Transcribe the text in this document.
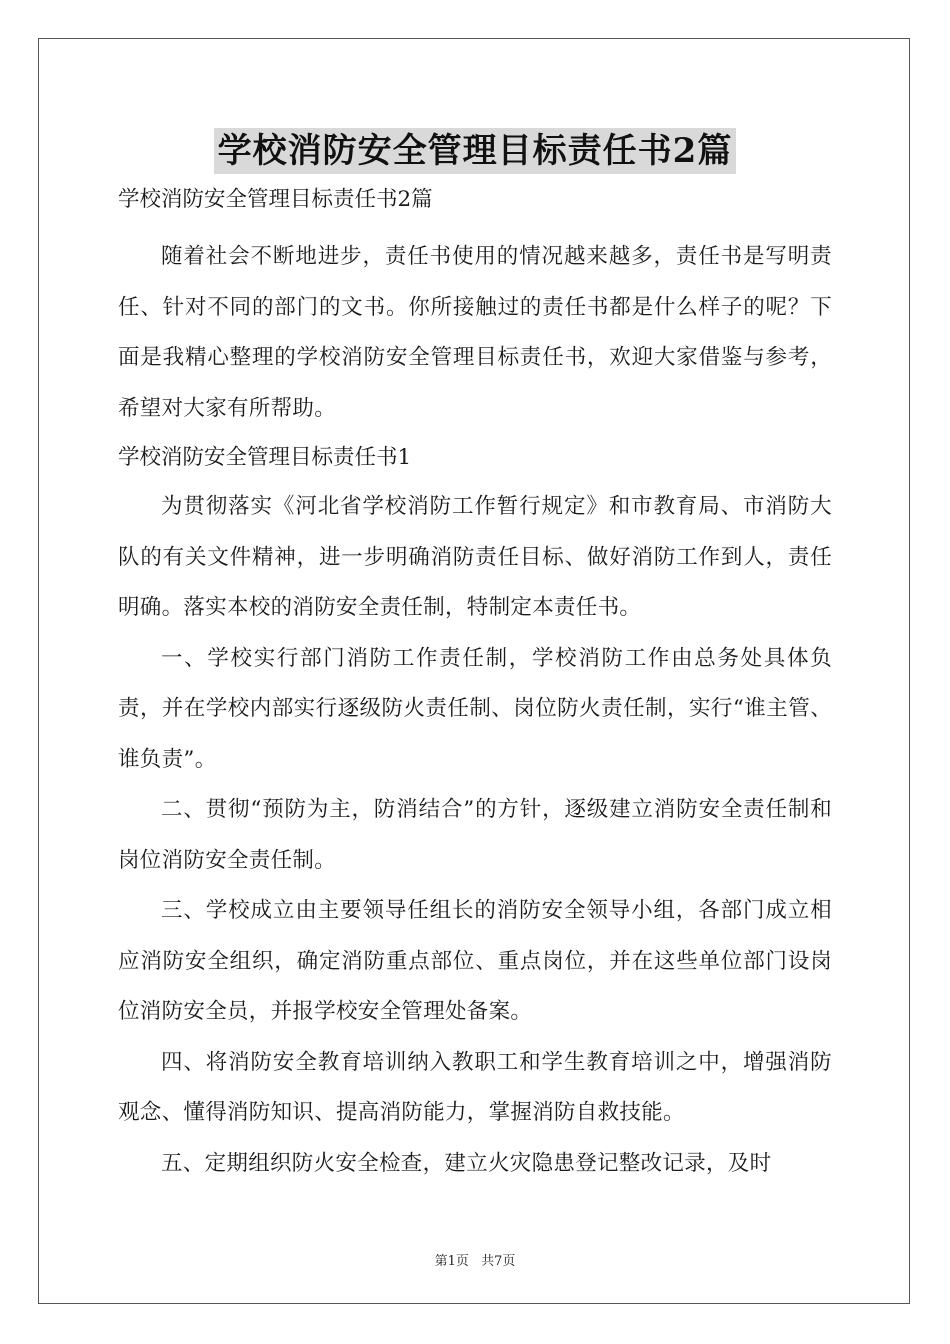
学校消防安全管理目标责任书2篇
学校消防安全管理目标责任书2篇

随着社会不断地进步，责任书使用的情况越来越多，责任书是写明责任、针对不同的部门的文书。你所接触过的责任书都是什么样子的呢？下面是我精心整理的学校消防安全管理目标责任书，欢迎大家借鉴与参考，希望对大家有所帮助。

学校消防安全管理目标责任书1

为贯彻落实《河北省学校消防工作暂行规定》和市教育局、市消防大队的有关文件精神，进一步明确消防责任目标、做好消防工作到人，责任明确。落实本校的消防安全责任制，特制定本责任书。

一、学校实行部门消防工作责任制，学校消防工作由总务处具体负责，并在学校内部实行逐级防火责任制、岗位防火责任制，实行“谁主管、谁负责”。

二、贯彻“预防为主，防消结合”的方针，逐级建立消防安全责任制和岗位消防安全责任制。

三、学校成立由主要领导任组长的消防安全领导小组，各部门成立相应消防安全组织，确定消防重点部位、重点岗位，并在这些单位部门设岗位消防安全员，并报学校安全管理处备案。

四、将消防安全教育培训纳入教职工和学生教育培训之中，增强消防观念、懂得消防知识、提高消防能力，掌握消防自救技能。

五、定期组织防火安全检查，建立火灾隐患登记整改记录，及时

第1页 共7页
